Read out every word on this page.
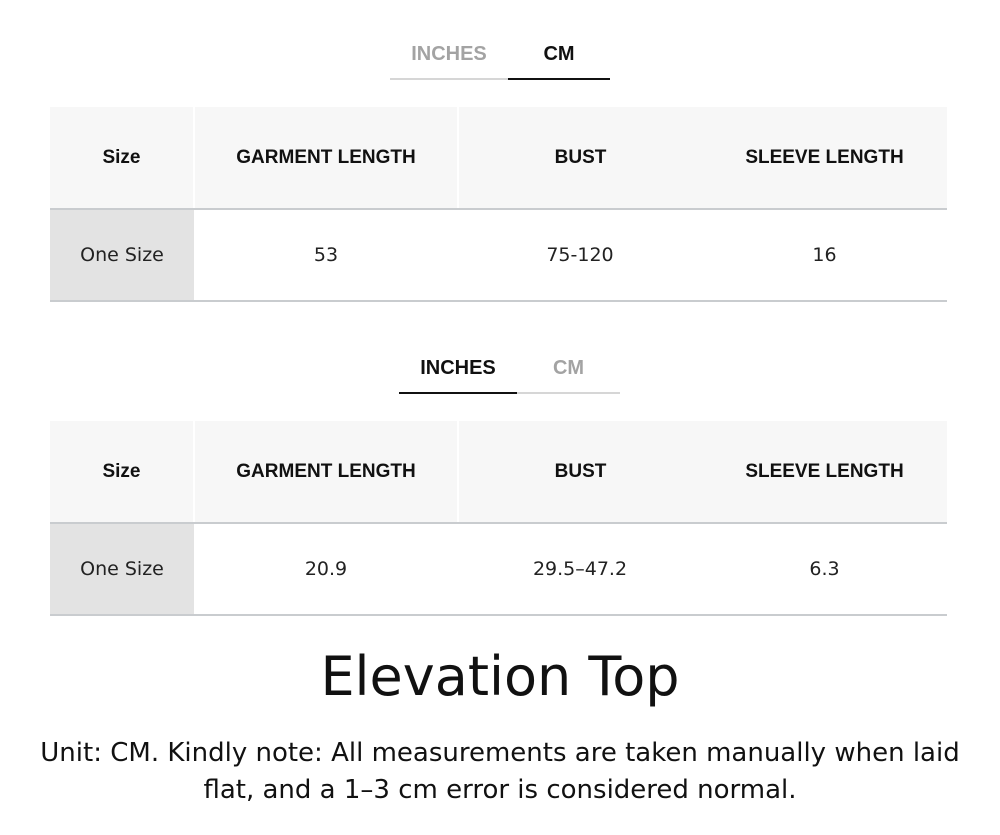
INCHES	CM
Size	GARMENT LENGTH	BUST	SLEEVE LENGTH
One Size	53	75-120	16
INCHES	CM
Size	GARMENT LENGTH	BUST	SLEEVE LENGTH
One Size	20.9	29.5–47.2	6.3
Elevation Top

Unit: CM. Kindly note: All measurements are taken manually when laid
flat, and a 1–3 cm error is considered normal.
